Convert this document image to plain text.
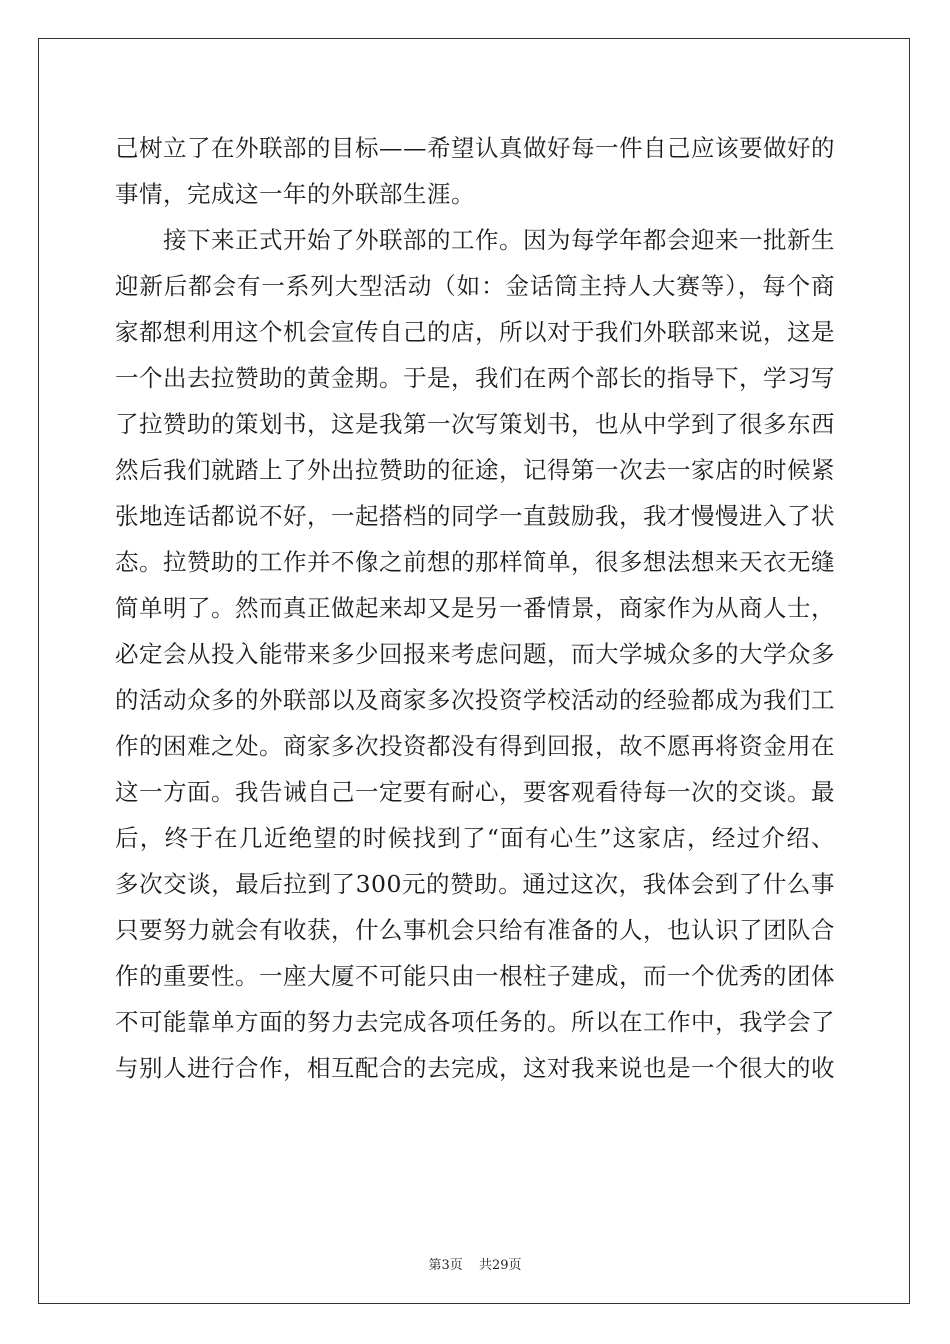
己树立了在外联部的目标——希望认真做好每一件自己应该要做好的
事情，完成这一年的外联部生涯。
接下来正式开始了外联部的工作。因为每学年都会迎来一批新生
迎新后都会有一系列大型活动（如：金话筒主持人大赛等），每个商
家都想利用这个机会宣传自己的店，所以对于我们外联部来说，这是
一个出去拉赞助的黄金期。于是，我们在两个部长的指导下，学习写
了拉赞助的策划书，这是我第一次写策划书，也从中学到了很多东西
然后我们就踏上了外出拉赞助的征途，记得第一次去一家店的时候紧
张地连话都说不好，一起搭档的同学一直鼓励我，我才慢慢进入了状
态。拉赞助的工作并不像之前想的那样简单，很多想法想来天衣无缝
简单明了。然而真正做起来却又是另一番情景，商家作为从商人士，
必定会从投入能带来多少回报来考虑问题，而大学城众多的大学众多
的活动众多的外联部以及商家多次投资学校活动的经验都成为我们工
作的困难之处。商家多次投资都没有得到回报，故不愿再将资金用在
这一方面。我告诫自己一定要有耐心，要客观看待每一次的交谈。最
后，终于在几近绝望的时候找到了“面有心生”这家店，经过介绍、
多次交谈，最后拉到了300元的赞助。通过这次，我体会到了什么事
只要努力就会有收获，什么事机会只给有准备的人，也认识了团队合
作的重要性。一座大厦不可能只由一根柱子建成，而一个优秀的团体
不可能靠单方面的努力去完成各项任务的。所以在工作中，我学会了
与别人进行合作，相互配合的去完成，这对我来说也是一个很大的收
第3页 共29页
